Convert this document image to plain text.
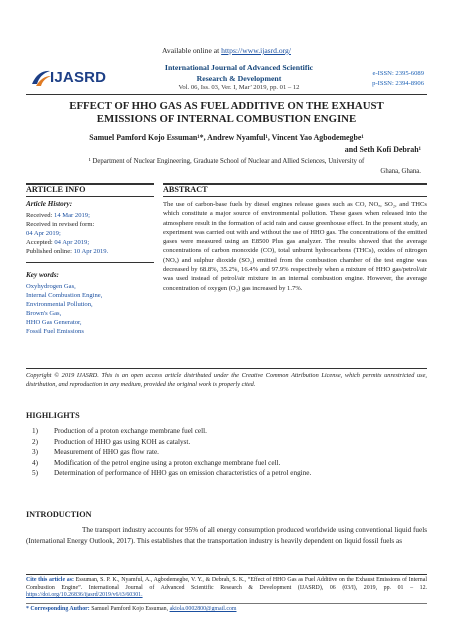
Available online at https://www.ijasrd.org/
IJASRD
International Journal of Advanced Scientific
Research & Development
Vol. 06, Iss. 03, Ver. I, Mar’ 2019, pp. 01 – 12
e-ISSN: 2395-6089
p-ISSN: 2394-8906
EFFECT OF HHO GAS AS FUEL ADDITIVE ON THE EXHAUST
EMISSIONS OF INTERNAL COMBUSTION ENGINE
Samuel Pamford Kojo Essuman¹*, Andrew Nyamful¹, Vincent Yao Agbodemegbe¹
and Seth Kofi Debrah¹
¹ Department of Nuclear Engineering, Graduate School of Nuclear and Allied Sciences, University of
Ghana, Ghana.
ARTICLE INFO	ABSTRACT
Article History:
Received: 14 Mar 2019;
Received in revised form:
04 Apr 2019;
Accepted: 04 Apr 2019;
Published online: 10 Apr 2019.
Key words:
Oxyhydrogen Gas,
Internal Combustion Engine,
Environmental Pollution,
Brown's Gas,
HHO Gas Generator,
Fossil Fuel Emissions
The use of carbon-base fuels by diesel engines release gases such as CO, NOₓ, SO₂, and THCs which constitute a major source of environmental pollution. These gases when released into the atmosphere result in the formation of acid rain and cause greenhouse effect. In the present study, an experiment was carried out with and without the use of HHO gas. The concentrations of the emitted gases were measured using an E8500 Plus gas analyzer. The results showed that the average concentrations of carbon monoxide (CO), total unburnt hydrocarbons (THCs), oxides of nitrogen (NOₓ) and sulphur dioxide (SO₂) emitted from the combustion chamber of the test engine was decreased by 68.8%, 35.2%, 16.4% and 97.9% respectively when a mixture of HHO gas/petrol/air was used instead of petrol/air mixture in an internal combustion engine. However, the average concentration of oxygen (O₂) gas increased by 1.7%.
Copyright © 2019 IJASRD. This is an open access article distributed under the Creative Common Attribution License, which permits unrestricted use, distribution, and reproduction in any medium, provided the original work is properly cited.
HIGHLIGHTS
1)	Production of a proton exchange membrane fuel cell.
2)	Production of HHO gas using KOH as catalyst.
3)	Measurement of HHO gas flow rate.
4)	Modification of the petrol engine using a proton exchange membrane fuel cell.
5)	Determination of performance of HHO gas on emission characteristics of a petrol engine.
INTRODUCTION
The transport industry accounts for 95% of all energy consumption produced worldwide using conventional liquid fuels (International Energy Outlook, 2017). This establishes that the transportation industry is heavily dependent on liquid fossil fuels as
Cite this article as: Essuman, S. P. K., Nyamful, A., Agbodemegbe, V. Y., & Debrah, S. K., “Effect of HHO Gas as Fuel Additive on the Exhaust Emissions of Internal Combustion Engine”. International Journal of Advanced Scientific Research & Development (IJASRD), 06 (03/I), 2019, pp. 01 – 12. https://doi.org/10.26836/ijasrd/2019/v6/i3/60301.
* Corresponding Author: Samuel Pamford Kojo Essuman, akiola.0002800@gmail.com
